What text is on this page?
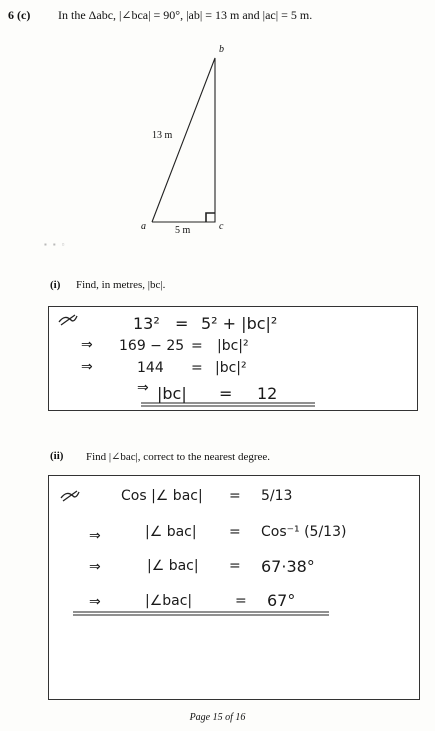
6 (c) In the Δabc, |∠bca| = 90°, |ab| = 13 m and |ac| = 5 m.
b
a	c
13 m
5 m
▪ ▪ ▫
(i) Find, in metres, |bc|.
⇒
⇒
⇒
13² = 5² + |bc|²
169 − 25 = |bc|²
144 = |bc|²
|bc| = 12
(ii) Find |∠bac|, correct to the nearest degree.
⇒
⇒
⇒
Cos |∠ bac| = 5/13
|∠ bac| = Cos⁻¹ (5/13)
|∠ bac| = 67·38°
|∠bac|	= 67°
Page 15 of 16
